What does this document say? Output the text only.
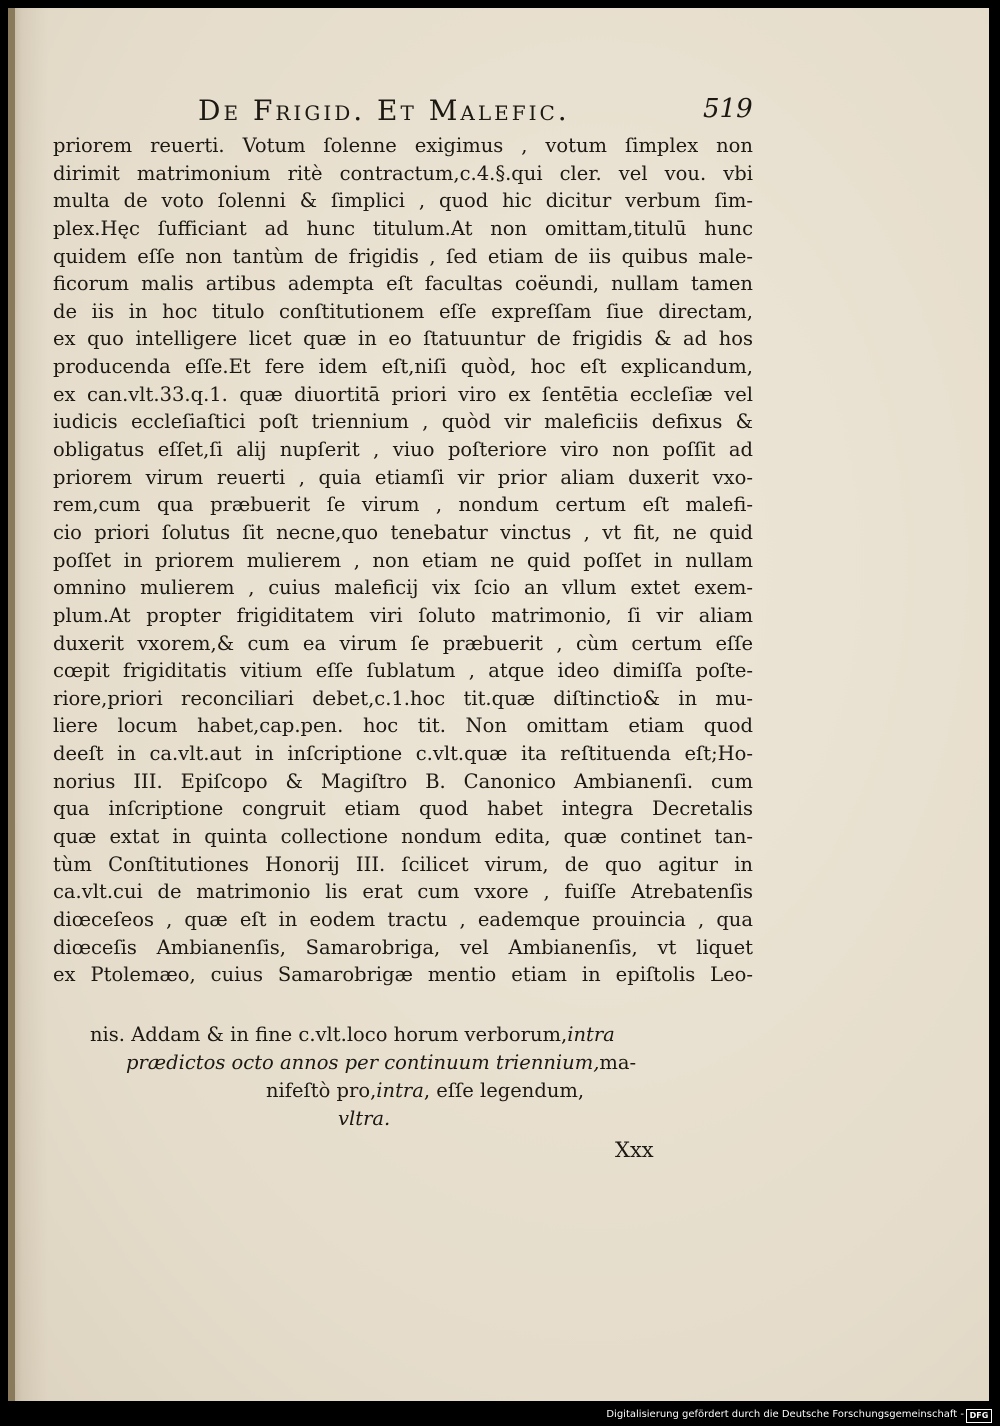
De Frigid. Et Malefic.	519
priorem reuerti. Votum ſolenne exigimus , votum ſimplex non
dirimit matrimonium ritè contractum,c.4.§.qui cler. vel vou. vbi
multa de voto ſolenni & ſimplici , quod hic dicitur verbum ſim-
plex.Hęc ſufficiant ad hunc titulum.At non omittam,titulū hunc
quidem eſſe non tantùm de frigidis , ſed etiam de iis quibus male-
ficorum malis artibus adempta eſt facultas coëundi, nullam tamen
de iis in hoc titulo conſtitutionem eſſe expreſſam ſiue directam,
ex quo intelligere licet quæ in eo ſtatuuntur de frigidis & ad hos
producenda eſſe.Et fere idem eſt,niſi quòd, hoc eſt explicandum,
ex can.vlt.33.q.1. quæ diuortitā priori viro ex ſentētia eccleſiæ vel
iudicis eccleſiaſtici poſt triennium , quòd vir maleficiis defixus &
obligatus eſſet,ſi alij nupſerit , viuo poſteriore viro non poſſit ad
priorem virum reuerti , quia etiamſi vir prior aliam duxerit vxo-
rem,cum qua præbuerit ſe virum , nondum certum eſt malefi-
cio priori ſolutus ſit necne,quo tenebatur vinctus , vt fit, ne quid
poſſet in priorem mulierem , non etiam ne quid poſſet in nullam
omnino mulierem , cuius maleficij vix ſcio an vllum extet exem-
plum.At propter frigiditatem viri ſoluto matrimonio, ſi vir aliam
duxerit vxorem,& cum ea virum ſe præbuerit , cùm certum eſſe
cœpit frigiditatis vitium eſſe ſublatum , atque ideo dimiſſa poſte-
riore,priori reconciliari debet,c.1.hoc tit.quæ diſtinctio& in mu-
liere locum habet,cap.pen. hoc tit. Non omittam etiam quod
deeſt in ca.vlt.aut in inſcriptione c.vlt.quæ ita reſtituenda eſt;Ho-
norius III. Epiſcopo & Magiſtro B. Canonico Ambianenſi. cum
qua inſcriptione congruit etiam quod habet integra Decretalis
quæ extat in quinta collectione nondum edita, quæ continet tan-
tùm Conſtitutiones Honorij III. ſcilicet virum, de quo agitur in
ca.vlt.cui de matrimonio lis erat cum vxore , fuiſſe Atrebatenſis
diœceſeos , quæ eſt in eodem tractu , eademque prouincia , qua
diœceſis Ambianenſis, Samarobriga, vel Ambianenſis, vt liquet
ex Ptolemæo, cuius Samarobrigæ mentio etiam in epiſtolis Leo-
nis. Addam & in fine c.vlt.loco horum verborum,intra
prædictos octo annos per continuum triennium,ma-
nifeſtò pro,intra, eſſe legendum,
vltra.
Xxx
Digitalisierung gefördert durch die Deutsche Forschungsgemeinschaft - DFG
